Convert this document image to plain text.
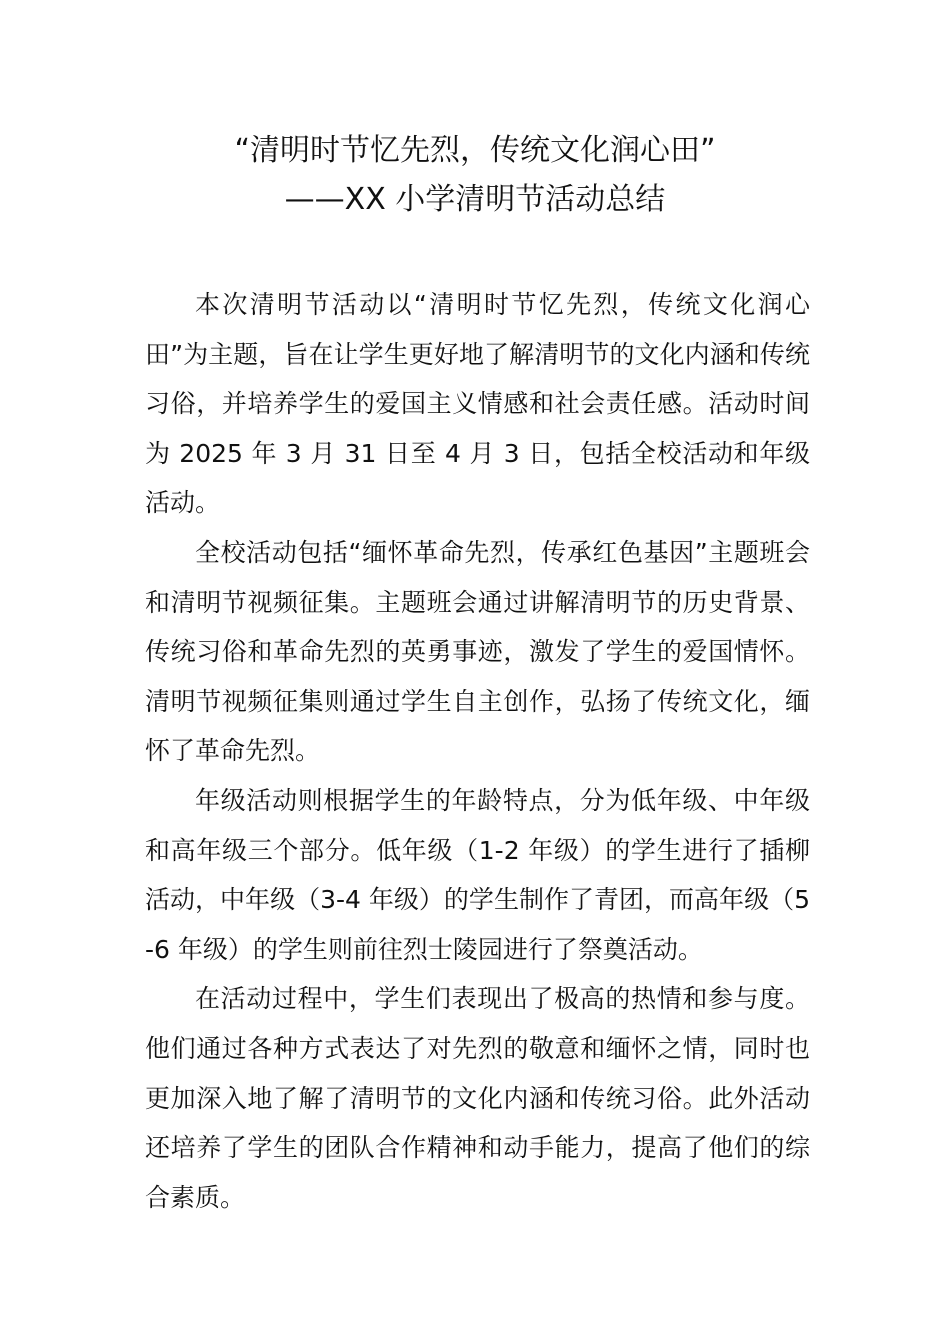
“清明时节忆先烈，传统文化润心田”
——XX 小学清明节活动总结

本次清明节活动以“清明时节忆先烈，传统文化润心田”为主题，旨在让学生更好地了解清明节的文化内涵和传统习俗，并培养学生的爱国主义情感和社会责任感。活动时间为 2025 年 3 月 31 日至 4 月 3 日，包括全校活动和年级活动。

全校活动包括“缅怀革命先烈，传承红色基因”主题班会和清明节视频征集。主题班会通过讲解清明节的历史背景、传统习俗和革命先烈的英勇事迹，激发了学生的爱国情怀。清明节视频征集则通过学生自主创作，弘扬了传统文化，缅怀了革命先烈。

年级活动则根据学生的年龄特点，分为低年级、中年级和高年级三个部分。低年级（1-2 年级）的学生进行了插柳活动，中年级（3-4 年级）的学生制作了青团，而高年级（5-6 年级）的学生则前往烈士陵园进行了祭奠活动。

在活动过程中，学生们表现出了极高的热情和参与度。他们通过各种方式表达了对先烈的敬意和缅怀之情，同时也更加深入地了解了清明节的文化内涵和传统习俗。此外活动还培养了学生的团队合作精神和动手能力，提高了他们的综合素质。
